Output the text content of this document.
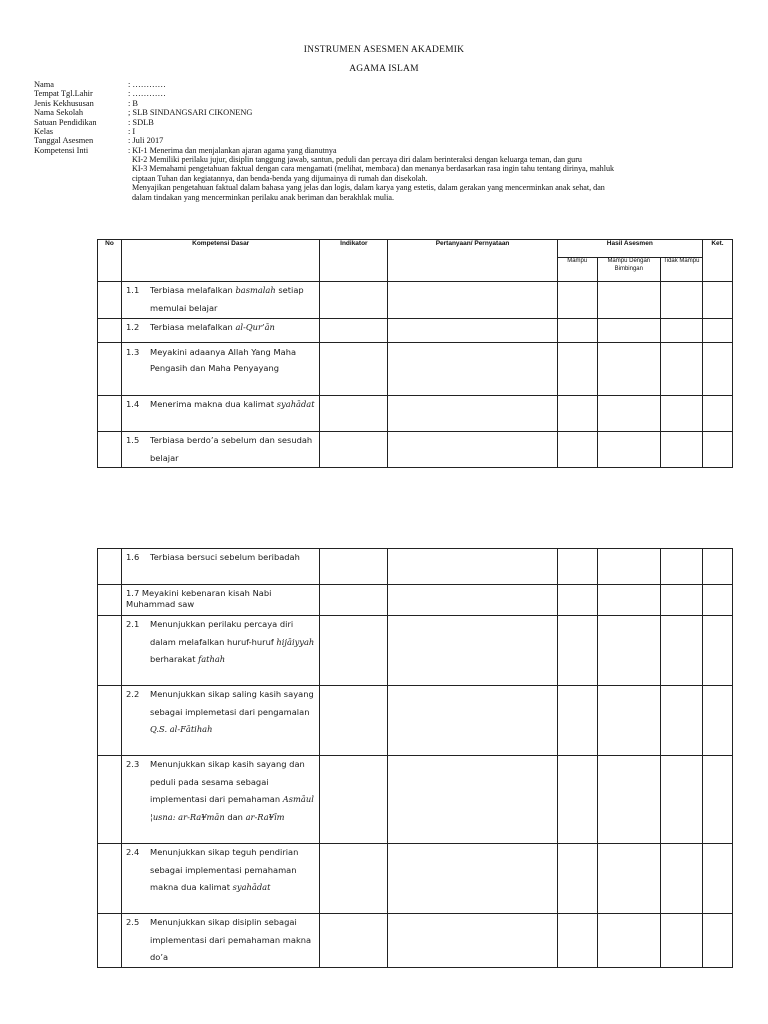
INSTRUMEN ASESMEN AKADEMIK
AGAMA ISLAM
Nama	: …………
Tempat Tgl.Lahir	: …………
Jenis Kekhususan	: B
Nama Sekolah	; SLB SINDANGSARI CIKONENG
Satuan Pendidikan	: SDLB
Kelas	: I
Tanggal Asesmen	: Juli 2017
Kompetensi Inti	: KI-1 Menerima dan menjalankan ajaran agama yang dianutnya
KI-2 Memiliki perilaku jujur, disiplin tanggung jawab, santun, peduli dan percaya diri dalam berinteraksi dengan keluarga teman, dan guru
KI-3 Memahami pengetahuan faktual dengan cara mengamati (melihat, membaca) dan menanya berdasarkan rasa ingin tahu tentang dirinya, mahluk
ciptaan Tuhan dan kegiatannya, dan benda-benda yang dijumainya di rumah dan disekolah.
Menyajikan pengetahuan faktual dalam bahasa yang jelas dan logis, dalam karya yang estetis, dalam gerakan yang mencerminkan anak sehat, dan
dalam tindakan yang mencerminkan perilaku anak beriman dan berakhlak mulia.
No	Kompetensi Dasar	Indikator	Pertanyaan/ Pernyataan	Hasil Asesmen			Ket.
				Mampu	Mampu Dengan Bimbingan	Tidak Mampu	

	1.1 Terbiasa melafalkan basmalah setiap memulai belajar						

	1.2 Terbiasa melafalkan al-Qur’ān						

	1.3 Meyakini adaanya Allah Yang Maha Pengasih dan Maha Penyayang						

	1.4 Menerima makna dua kalimat syahādat						

	1.5 Terbiasa berdo’a sebelum dan sesudah belajar						

	1.6 Terbiasa bersuci sebelum beribadah						

	1.7 Meyakini kebenaran kisah Nabi Muhammad saw						

	2.1 Menunjukkan perilaku percaya diri dalam melafalkan huruf-huruf hijāiyyah berharakat fathah						

	2.2 Menunjukkan sikap saling kasih sayang sebagai implemetasi dari pengamalan Q.S. al-Fātihah						

	2.3 Menunjukkan sikap kasih sayang dan peduli pada sesama sebagai implementasi dari pemahaman Asmāul ¦usna: ar-Ra¥mān dan ar-Ra¥īm						

	2.4 Menunjukkan sikap teguh pendirian sebagai implementasi pemahaman makna dua kalimat syahādat						

	2.5 Menunjukkan sikap disiplin sebagai implementasi dari pemahaman makna do’a						
